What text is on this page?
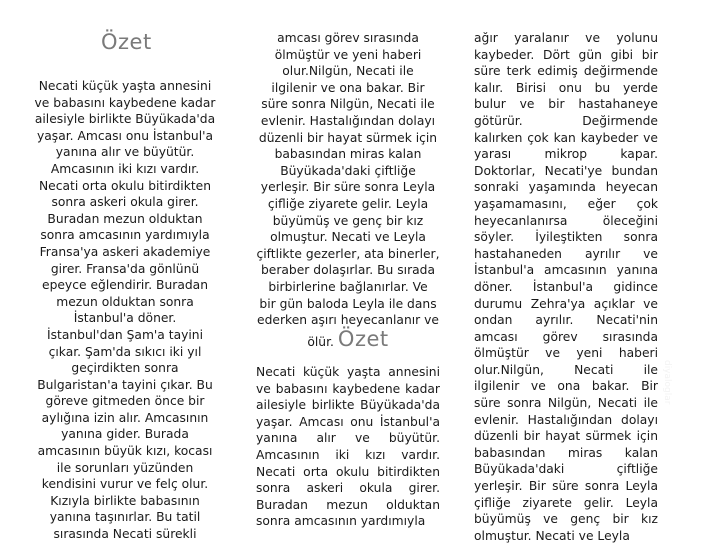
diyaloglar
Özet
Necati küçük yaşta annesini
ve babasını kaybedene kadar
ailesiyle birlikte Büyükada'da
yaşar. Amcası onu İstanbul'a
yanına alır ve büyütür.
Amcasının iki kızı vardır.
Necati orta okulu bitirdikten
sonra askeri okula girer.
Buradan mezun olduktan
sonra amcasının yardımıyla
Fransa'ya askeri akademiye
girer. Fransa'da gönlünü
epeyce eğlendirir. Buradan
mezun olduktan sonra
İstanbul'a döner.
İstanbul'dan Şam'a tayini
çıkar. Şam'da sıkıcı iki yıl
geçirdikten sonra
Bulgaristan'a tayini çıkar. Bu
göreve gitmeden önce bir
aylığına izin alır. Amcasının
yanına gider. Burada
amcasının büyük kızı, kocası
ile sorunları yüzünden
kendisini vurur ve felç olur.
Kızıyla birlikte babasının
yanına taşınırlar. Bu tatil
sırasında Necati sürekli
amcası görev sırasında
ölmüştür ve yeni haberi
olur.Nilgün, Necati ile
ilgilenir ve ona bakar. Bir
süre sonra Nilgün, Necati ile
evlenir. Hastalığından dolayı
düzenli bir hayat sürmek için
babasından miras kalan
Büyükada'daki çiftliğe
yerleşir. Bir süre sonra Leyla
çifliğe ziyarete gelir. Leyla
büyümüş ve genç bir kız
olmuştur. Necati ve Leyla
çiftlikte gezerler, ata binerler,
beraber dolaşırlar. Bu sırada
birbirlerine bağlanırlar. Ve
bir gün baloda Leyla ile dans
ederken aşırı heyecanlanır ve
ölür. Özet
Necati küçük yaşta annesini
ve babasını kaybedene kadar
ailesiyle birlikte Büyükada'da
yaşar. Amcası onu İstanbul'a
yanına alır ve büyütür.
Amcasının iki kızı vardır.
Necati orta okulu bitirdikten
sonra askeri okula girer.
Buradan mezun olduktan
sonra amcasının yardımıyla
ağır yaralanır ve yolunu
kaybeder. Dört gün gibi bir
süre terk edimiş değirmende
kalır. Birisi onu bu yerde
bulur ve bir hastahaneye
götürür. Değirmende
kalırken çok kan kaybeder ve
yarası mikrop kapar.
Doktorlar, Necati'ye bundan
sonraki yaşamında heyecan
yaşamamasını, eğer çok
heyecanlanırsa öleceğini
söyler. İyileştikten sonra
hastahaneden ayrılır ve
İstanbul'a amcasının yanına
döner. İstanbul'a gidince
durumu Zehra'ya açıklar ve
ondan ayrılır. Necati'nin
amcası görev sırasında
ölmüştür ve yeni haberi
olur.Nilgün, Necati ile
ilgilenir ve ona bakar. Bir
süre sonra Nilgün, Necati ile
evlenir. Hastalığından dolayı
düzenli bir hayat sürmek için
babasından miras kalan
Büyükada'daki çiftliğe
yerleşir. Bir süre sonra Leyla
çifliğe ziyarete gelir. Leyla
büyümüş ve genç bir kız
olmuştur. Necati ve Leyla
